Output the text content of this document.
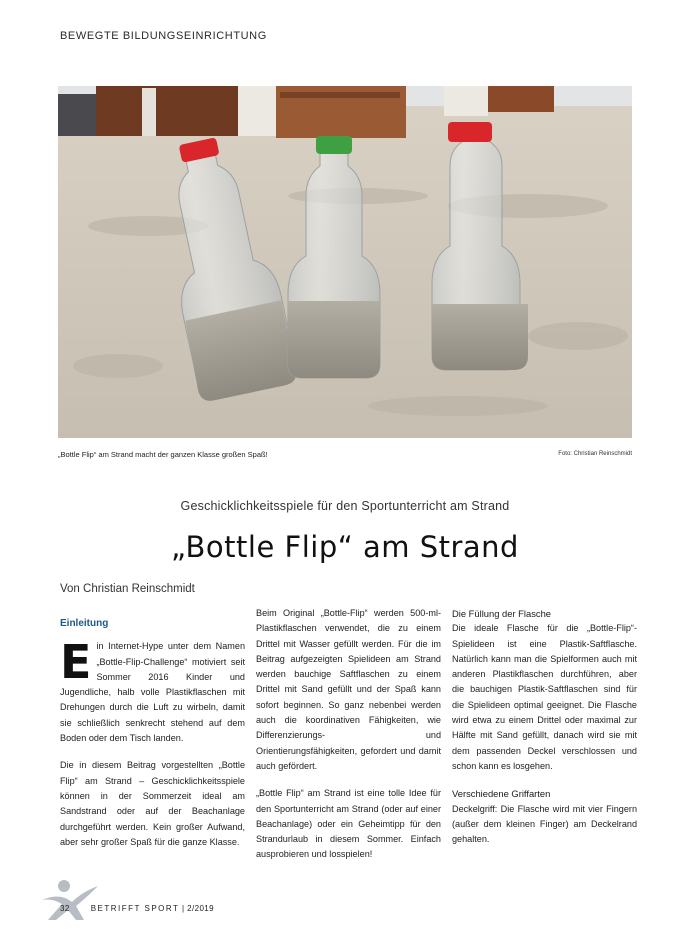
BEWEGTE BILDUNGSEINRICHTUNG
„Bottle Flip“ am Strand macht der ganzen Klasse großen Spaß!	Foto: Christian Reinschmidt
Geschicklichkeitsspiele für den Sportunterricht am Strand
„Bottle Flip“ am Strand
Von Christian Reinschmidt
Einleitung

Ein Internet-Hype unter dem Namen „Bottle-Flip-Challenge“ motiviert seit Sommer 2016 Kinder und Jugendliche, halb volle Plastikflaschen mit Drehungen durch die Luft zu wirbeln, damit sie schließlich senkrecht stehend auf dem Boden oder dem Tisch landen.

Die in diesem Beitrag vorgestellten „Bottle Flip“ am Strand – Geschicklichkeitsspiele können in der Sommerzeit ideal am Sandstrand oder auf der Beachanlage durchgeführt werden. Kein großer Aufwand, aber sehr großer Spaß für die ganze Klasse.

Beim Original „Bottle-Flip“ werden 500-ml-Plastikflaschen verwendet, die zu einem Drittel mit Wasser gefüllt werden. Für die im Beitrag aufgezeigten Spielideen am Strand werden bauchige Saftflaschen zu einem Drittel mit Sand gefüllt und der Spaß kann sofort beginnen. So ganz nebenbei werden auch die koordinativen Fähigkeiten, wie Differenzierungs- und Orientierungsfähigkeiten, gefordert und damit auch gefördert.

„Bottle Flip“ am Strand ist eine tolle Idee für den Sportunterricht am Strand (oder auf einer Beachanlage) oder ein Geheimtipp für den Strandurlaub in diesem Sommer. Einfach ausprobieren und losspielen!

Die Füllung der Flasche

Die ideale Flasche für die „Bottle-Flip“-Spielideen ist eine Plastik-Saftflasche. Natürlich kann man die Spielformen auch mit anderen Plastikflaschen durchführen, aber die bauchigen Plastik-Saftflaschen sind für die Spielideen optimal geeignet. Die Flasche wird etwa zu einem Drittel oder maximal zur Hälfte mit Sand gefüllt, danach wird sie mit dem passenden Deckel verschlossen und schon kann es losgehen.

Verschiedene Griffarten

Deckelgriff: Die Flasche wird mit vier Fingern (außer dem kleinen Finger) am Deckelrand gehalten.

32	BETRIFFT SPORT | 2/2019
